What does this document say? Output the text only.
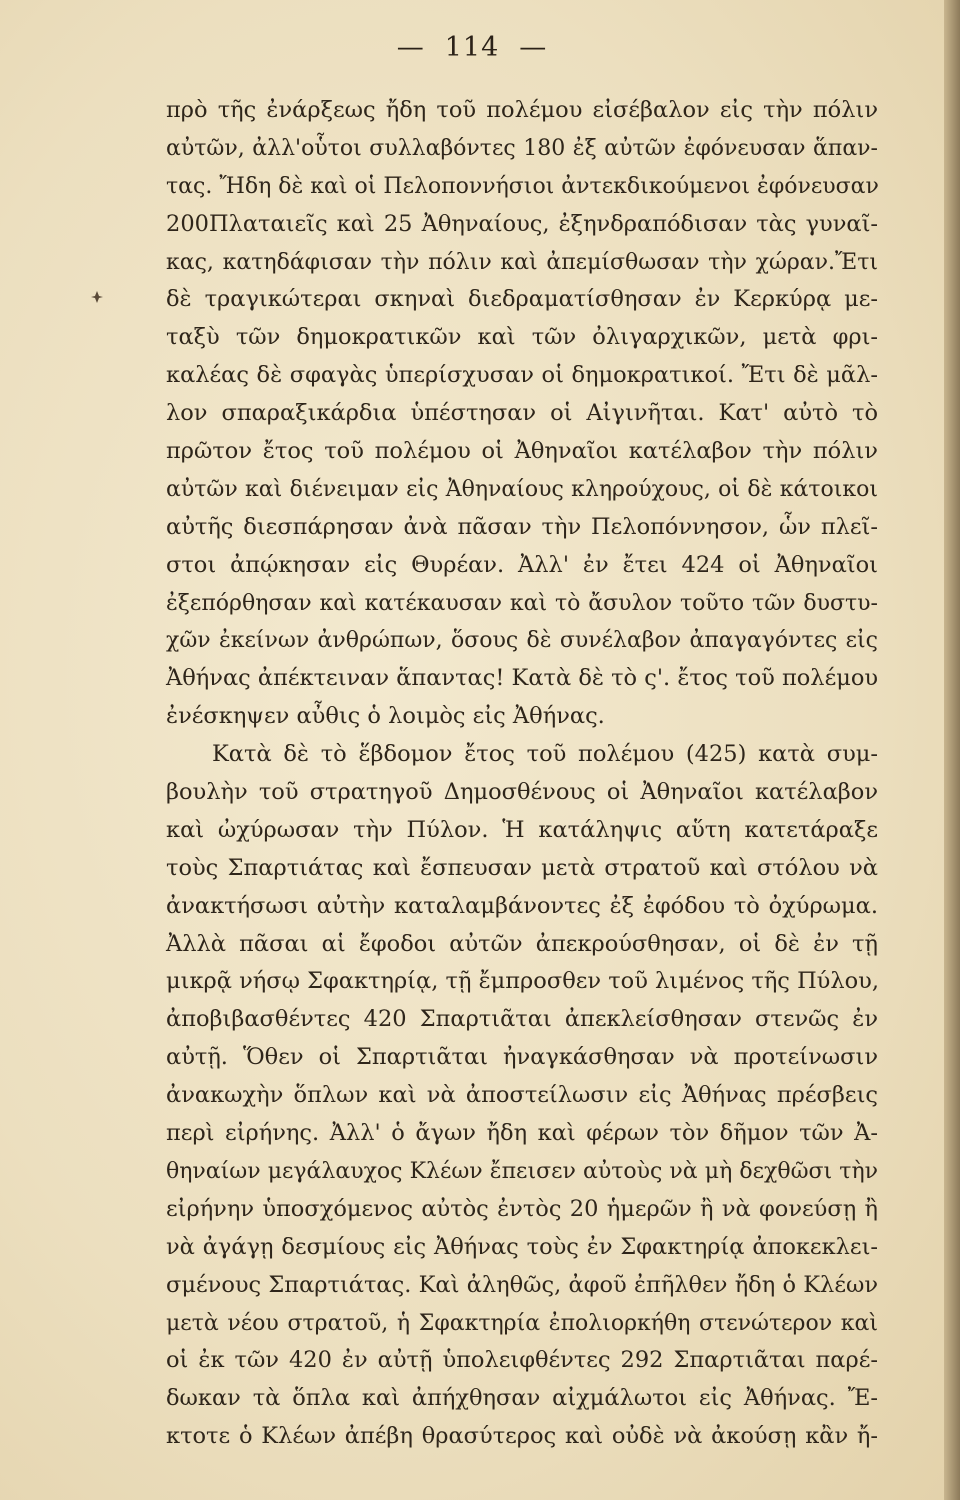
— 114 —
πρὸ τῆς ἐνάρξεως ἤδη τοῦ πολέμου εἰσέβαλον εἰς τὴν πόλιν
αὐτῶν, ἀλλ'οὗτοι συλλαβόντες 180 ἐξ αὐτῶν ἐφόνευσαν ἅπαν-
τας. Ἤδη δὲ καὶ οἱ Πελοποννήσιοι ἀντεκδικούμενοι ἐφόνευσαν
200Πλαταιεῖς καὶ 25 Ἀθηναίους, ἐξηνδραπόδισαν τὰς γυναῖ-
κας, κατηδάφισαν τὴν πόλιν καὶ ἀπεμίσθωσαν τὴν χώραν.Ἔτι
δὲ τραγικώτεραι σκηναὶ διεδραματίσθησαν ἐν Κερκύρᾳ με-
ταξὺ τῶν δημοκρατικῶν καὶ τῶν ὀλιγαρχικῶν, μετὰ φρι-
καλέας δὲ σφαγὰς ὑπερίσχυσαν οἱ δημοκρατικοί. Ἔτι δὲ μᾶλ-
λον σπαραξικάρδια ὑπέστησαν οἱ Αἰγινῆται. Κατ' αὐτὸ τὸ
πρῶτον ἔτος τοῦ πολέμου οἱ Ἀθηναῖοι κατέλαβον τὴν πόλιν
αὐτῶν καὶ διένειμαν εἰς Ἀθηναίους κληρούχους, οἱ δὲ κάτοικοι
αὐτῆς διεσπάρησαν ἀνὰ πᾶσαν τὴν Πελοπόννησον, ὧν πλεῖ-
στοι ἀπῴκησαν εἰς Θυρέαν. Ἀλλ' ἐν ἔτει 424 οἱ Ἀθηναῖοι
ἐξεπόρθησαν καὶ κατέκαυσαν καὶ τὸ ἄσυλον τοῦτο τῶν δυστυ-
χῶν ἐκείνων ἀνθρώπων, ὅσους δὲ συνέλαβον ἀπαγαγόντες εἰς
Ἀθήνας ἀπέκτειναν ἅπαντας! Κατὰ δὲ τὸ ς'. ἔτος τοῦ πολέμου
ἐνέσκηψεν αὖθις ὁ λοιμὸς εἰς Ἀθήνας.
Κατὰ δὲ τὸ ἕβδομον ἔτος τοῦ πολέμου (425) κατὰ συμ-
βουλὴν τοῦ στρατηγοῦ Δημοσθένους οἱ Ἀθηναῖοι κατέλαβον
καὶ ὠχύρωσαν τὴν Πύλον. Ἡ κατάληψις αὕτη κατετάραξε
τοὺς Σπαρτιάτας καὶ ἔσπευσαν μετὰ στρατοῦ καὶ στόλου νὰ
ἀνακτήσωσι αὐτὴν καταλαμβάνοντες ἐξ ἐφόδου τὸ ὀχύρωμα.
Ἀλλὰ πᾶσαι αἱ ἔφοδοι αὐτῶν ἀπεκρούσθησαν, οἱ δὲ ἐν τῇ
μικρᾷ νήσῳ Σφακτηρίᾳ, τῇ ἔμπροσθεν τοῦ λιμένος τῆς Πύλου,
ἀποβιβασθέντες 420 Σπαρτιᾶται ἀπεκλείσθησαν στενῶς ἐν
αὐτῇ. Ὅθεν οἱ Σπαρτιᾶται ἠναγκάσθησαν νὰ προτείνωσιν
ἀνακωχὴν ὅπλων καὶ νὰ ἀποστείλωσιν εἰς Ἀθήνας πρέσβεις
περὶ εἰρήνης. Ἀλλ' ὁ ἄγων ἤδη καὶ φέρων τὸν δῆμον τῶν Ἀ-
θηναίων μεγάλαυχος Κλέων ἔπεισεν αὐτοὺς νὰ μὴ δεχθῶσι τὴν
εἰρήνην ὑποσχόμενος αὐτὸς ἐντὸς 20 ἡμερῶν ἢ νὰ φονεύσῃ ἢ
νὰ ἀγάγῃ δεσμίους εἰς Ἀθήνας τοὺς ἐν Σφακτηρίᾳ ἀποκεκλει-
σμένους Σπαρτιάτας. Καὶ ἀληθῶς, ἀφοῦ ἐπῆλθεν ἤδη ὁ Κλέων
μετὰ νέου στρατοῦ, ἡ Σφακτηρία ἐπολιορκήθη στενώτερον καὶ
οἱ ἐκ τῶν 420 ἐν αὐτῇ ὑπολειφθέντες 292 Σπαρτιᾶται παρέ-
δωκαν τὰ ὅπλα καὶ ἀπήχθησαν αἰχμάλωτοι εἰς Ἀθήνας. Ἔ-
κτοτε ὁ Κλέων ἀπέβη θρασύτερος καὶ οὐδὲ νὰ ἀκούσῃ κἂν ἤ-
